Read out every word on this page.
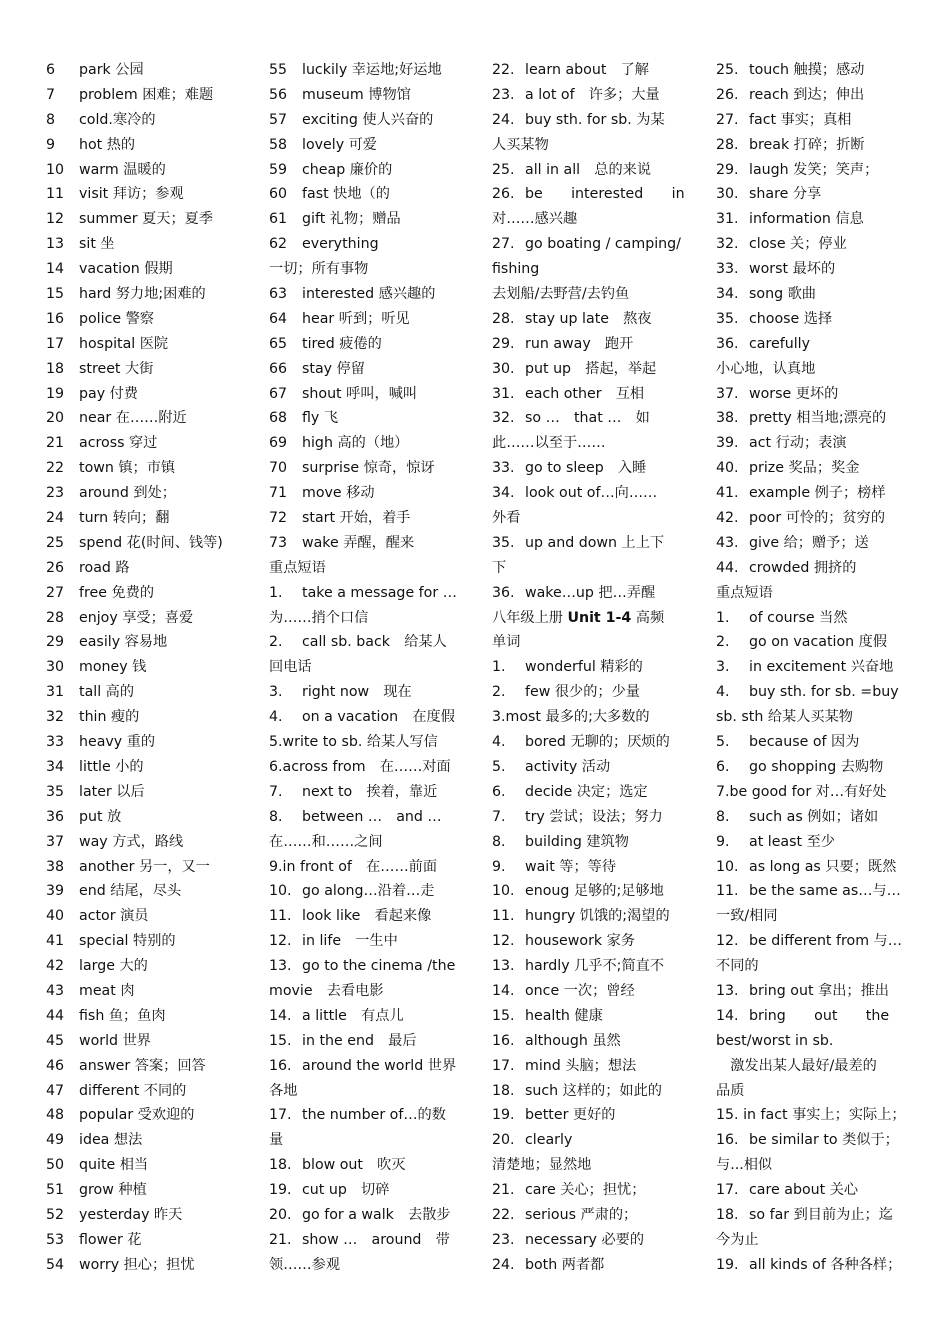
6 park 公园
7 problem 困难；难题
8 cold.寒冷的
9 hot 热的
10 warm 温暖的
11 visit 拜访；参观
12 summer 夏天；夏季
13 sit 坐
14 vacation 假期
15 hard 努力地;困难的
16 police 警察
17 hospital 医院
18 street 大街
19 pay 付费
20 near 在……附近
21 across 穿过
22 town 镇；市镇
23 around 到处；
24 turn 转向；翻
25 spend 花(时间、钱等)
26 road 路
27 free 免费的
28 enjoy 享受；喜爱
29 easily 容易地
30 money 钱
31 tall 高的
32 thin 瘦的
33 heavy 重的
34 little 小的
35 later 以后
36 put 放
37 way 方式，路线
38 another 另一，又一
39 end 结尾，尽头
40 actor 演员
41 special 特别的
42 large 大的
43 meat 肉
44 fish 鱼；鱼肉
45 world 世界
46 answer 答案；回答
47 different 不同的
48 popular 受欢迎的
49 idea 想法
50 quite 相当
51 grow 种植
52 yesterday 昨天
53 flower 花
54 worry 担心；担忧
55 luckily 幸运地;好运地
56 museum 博物馆
57 exciting 使人兴奋的
58 lovely 可爱
59 cheap 廉价的
60 fast 快地（的
61 gift 礼物；赠品
62 everything
一切；所有事物
63 interested 感兴趣的
64 hear 听到；听见
65 tired 疲倦的
66 stay 停留
67 shout 呼叫，喊叫
68 fly 飞
69 high 高的（地）
70 surprise 惊奇，惊讶
71 move 移动
72 start 开始，着手
73 wake 弄醒，醒来
重点短语
1. take a message for …
为……捎个口信
2. call sb. back　给某人
回电话
3. right now　现在
4. on a vacation　在度假
5.write to sb. 给某人写信
6.across from　在……对面
7. next to　挨着，靠近
8. between …　and …
在……和……之间
9.in front of　在……前面
10. go along…沿着…走
11. look like　看起来像
12. in life　一生中
13. go to the cinema /the
movie　去看电影
14. a little　有点儿
15. in the end　最后
16. around the world 世界
各地
17. the number of…的数
量
18. blow out　吹灭
19. cut up　切碎
20. go for a walk　去散步
21. show …　around　带
领……参观
22. learn about　了解
23. a lot of　许多；大量
24. buy sth. for sb. 为某
人买某物
25. all in all　总的来说
26. be　　interested　　in
对……感兴趣
27. go boating / camping/
fishing
去划船/去野营/去钓鱼
28. stay up late　熬夜
29. run away　跑开
30. put up　搭起，举起
31. each other　互相
32. so …　that …　如
此……以至于……
33. go to sleep　入睡
34. look out of…向……
外看
35. up and down 上上下
下
36. wake…up 把…弄醒
八年级上册 Unit 1-4 高频
单词
1. wonderful 精彩的
2. few 很少的；少量
3.most 最多的;大多数的
4. bored 无聊的；厌烦的
5. activity 活动
6. decide 决定；选定
7. try 尝试；设法；努力
8. building 建筑物
9. wait 等；等待
10. enoug 足够的;足够地
11. hungry 饥饿的;渴望的
12. housework 家务
13. hardly 几乎不;简直不
14. once 一次；曾经
15. health 健康
16. although 虽然
17. mind 头脑；想法
18. such 这样的；如此的
19. better 更好的
20. clearly
清楚地；显然地
21. care 关心；担忧；
22. serious 严肃的；
23. necessary 必要的
24. both 两者都
25. touch 触摸；感动
26. reach 到达；伸出
27. fact 事实；真相
28. break 打碎；折断
29. laugh 发笑；笑声；
30. share 分享
31. information 信息
32. close 关；停业
33. worst 最坏的
34. song 歌曲
35. choose 选择
36. carefully
小心地，认真地
37. worse 更坏的
38. pretty 相当地;漂亮的
39. act 行动；表演
40. prize 奖品；奖金
41. example 例子；榜样
42. poor 可怜的；贫穷的
43. give 给；赠予；送
44. crowded 拥挤的
重点短语
1. of course 当然
2. go on vacation 度假
3. in excitement 兴奋地
4. buy sth. for sb. =buy
sb. sth 给某人买某物
5. because of 因为
6. go shopping 去购物
7.be good for 对…有好处
8. such as 例如；诸如
9. at least 至少
10. as long as 只要；既然
11. be the same as…与…
一致/相同
12. be different from 与…
不同的
13. bring out 拿出；推出
14. bring　　out　　the
best/worst in sb.
　激发出某人最好/最差的
品质
15. in fact 事实上；实际上；
16. be similar to 类似于；
与...相似
17. care about 关心
18. so far 到目前为止；迄
今为止
19. all kinds of 各种各样；
